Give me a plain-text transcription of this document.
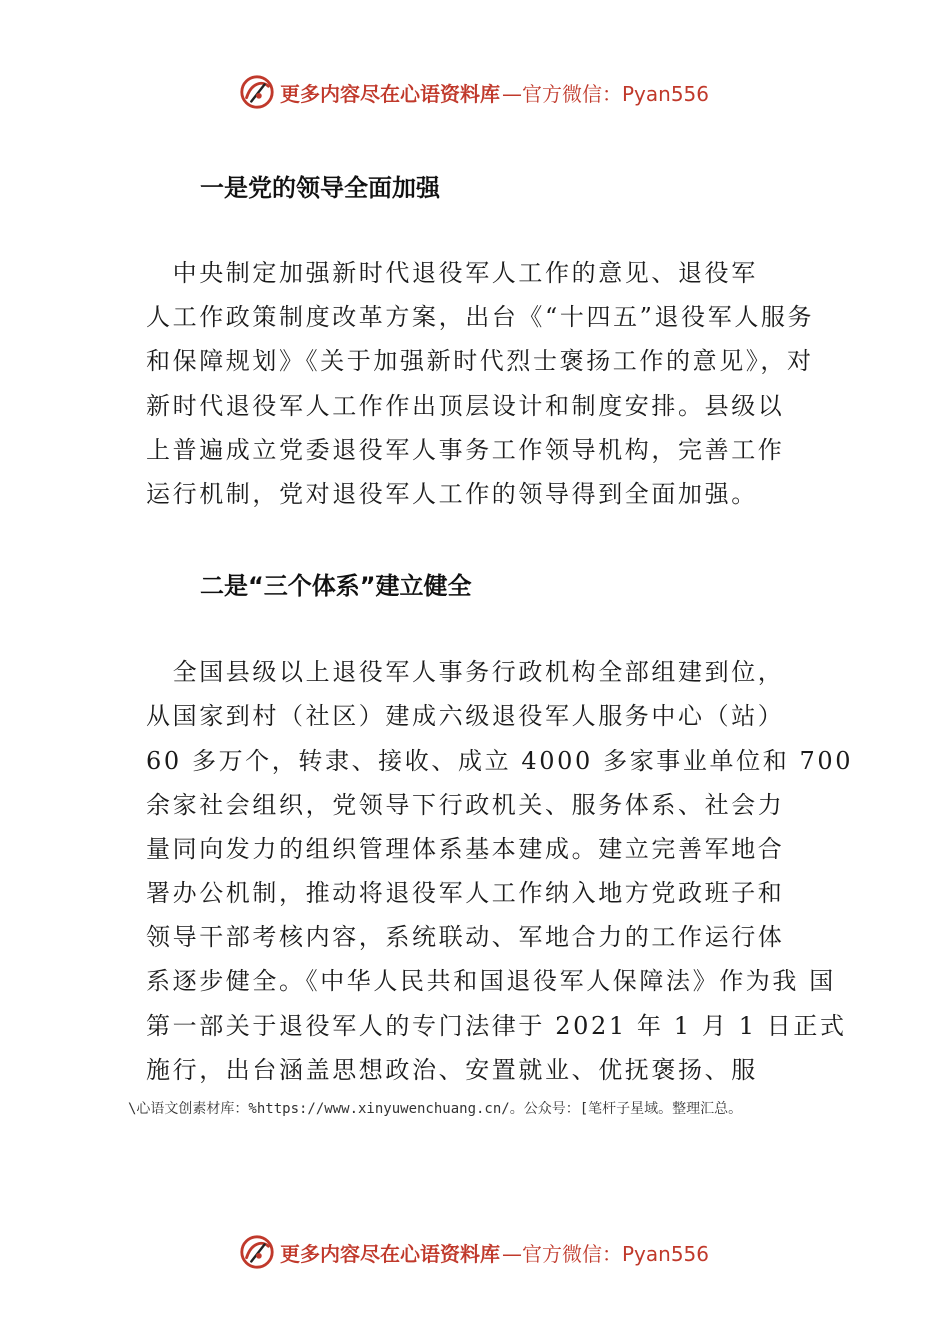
更多内容尽在心语资料库 —官方微信：Pyan556
一是党的领导全面加强
　中央制定加强新时代退役军人工作的意见、退役军
人工作政策制度改革方案，出台《“十四五”退役军人服务
和保障规划》《关于加强新时代烈士褒扬工作的意见》，对
新时代退役军人工作作出顶层设计和制度安排。县级以
上普遍成立党委退役军人事务工作领导机构，完善工作
运行机制，党对退役军人工作的领导得到全面加强。
二是“三个体系”建立健全
　全国县级以上退役军人事务行政机构全部组建到位，
从国家到村（社区）建成六级退役军人服务中心（站）
60 多万个，转隶、接收、成立 4000 多家事业单位和 700
余家社会组织，党领导下行政机关、服务体系、社会力
量同向发力的组织管理体系基本建成。建立完善军地合
署办公机制，推动将退役军人工作纳入地方党政班子和
领导干部考核内容，系统联动、军地合力的工作运行体
系逐步健全。《中华人民共和国退役军人保障法》作为我 国
第一部关于退役军人的专门法律于 2021 年 1 月 1 日正式
施行，出台涵盖思想政治、安置就业、优抚褒扬、服
\心语文创素材库：%https://www.xinyuwenchuang.cn/。公众号：[笔杆子星域。整理汇总。
更多内容尽在心语资料库 —官方微信：Pyan556
